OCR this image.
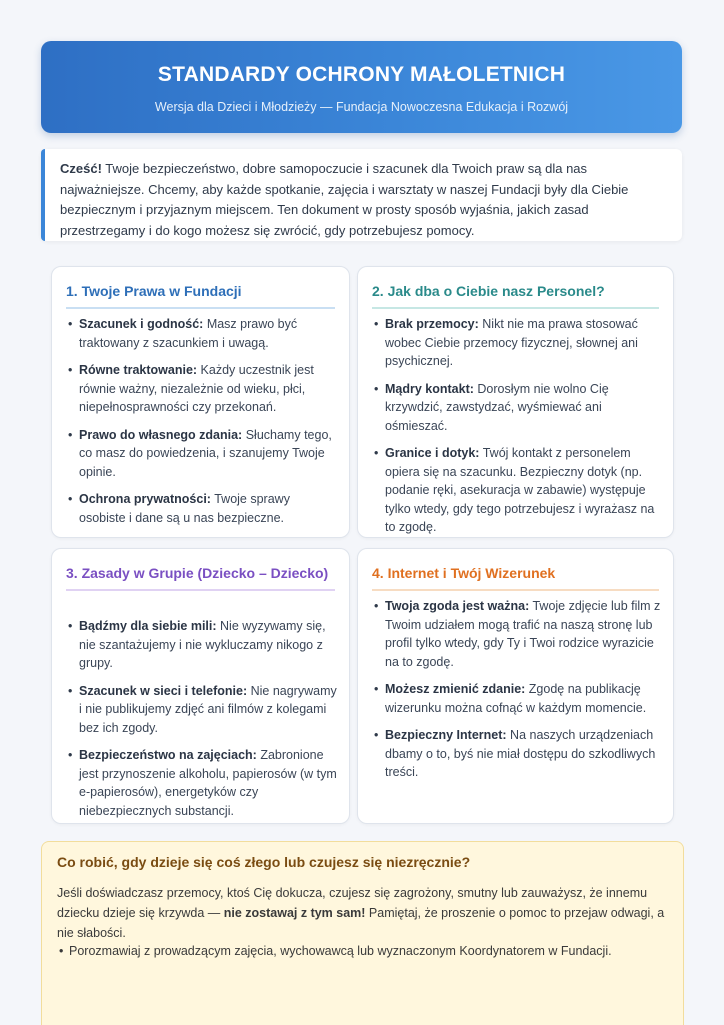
STANDARDY OCHRONY MAŁOLETNICH
Wersja dla Dzieci i Młodzieży — Fundacja Nowoczesna Edukacja i Rozwój

Cześć! Twoje bezpieczeństwo, dobre samopoczucie i szacunek dla Twoich praw są dla nas najważniejsze. Chcemy, aby każde spotkanie, zajęcia i warsztaty w naszej Fundacji były dla Ciebie bezpiecznym i przyjaznym miejscem. Ten dokument w prosty sposób wyjaśnia, jakich zasad przestrzegamy i do kogo możesz się zwrócić, gdy potrzebujesz pomocy.

1. Twoje Prawa w Fundacji
• Szacunek i godność: Masz prawo być traktowany z szacunkiem i uwagą.
• Równe traktowanie: Każdy uczestnik jest równie ważny, niezależnie od wieku, płci, niepełnosprawności czy przekonań.
• Prawo do własnego zdania: Słuchamy tego, co masz do powiedzenia, i szanujemy Twoje opinie.
• Ochrona prywatności: Twoje sprawy osobiste i dane są u nas bezpieczne.
2. Jak dba o Ciebie nasz Personel?
• Brak przemocy: Nikt nie ma prawa stosować wobec Ciebie przemocy fizycznej, słownej ani psychicznej.
• Mądry kontakt: Dorosłym nie wolno Cię krzywdzić, zawstydzać, wyśmiewać ani ośmieszać.
• Granice i dotyk: Twój kontakt z personelem opiera się na szacunku. Bezpieczny dotyk (np. podanie ręki, asekuracja w zabawie) występuje tylko wtedy, gdy tego potrzebujesz i wyrażasz na to zgodę.
3. Zasady w Grupie (Dziecko – Dziecko)
• Bądźmy dla siebie mili: Nie wyzywamy się, nie szantażujemy i nie wykluczamy nikogo z grupy.
• Szacunek w sieci i telefonie: Nie nagrywamy i nie publikujemy zdjęć ani filmów z kolegami bez ich zgody.
• Bezpieczeństwo na zajęciach: Zabronione jest przynoszenie alkoholu, papierosów (w tym e-papierosów), energetyków czy niebezpiecznych substancji.
4. Internet i Twój Wizerunek
• Twoja zgoda jest ważna: Twoje zdjęcie lub film z Twoim udziałem mogą trafić na naszą stronę lub profil tylko wtedy, gdy Ty i Twoi rodzice wyrazicie na to zgodę.
• Możesz zmienić zdanie: Zgodę na publikację wizerunku można cofnąć w każdym momencie.
• Bezpieczny Internet: Na naszych urządzeniach dbamy o to, byś nie miał dostępu do szkodliwych treści.
Co robić, gdy dzieje się coś złego lub czujesz się niezręcznie?

Jeśli doświadczasz przemocy, ktoś Cię dokucza, czujesz się zagrożony, smutny lub zauważysz, że innemu dziecku dzieje się krzywda — nie zostawaj z tym sam! Pamiętaj, że proszenie o pomoc to przejaw odwagi, a nie słabości.

• Porozmawiaj z prowadzącym zajęcia, wychowawcą lub wyznaczonym Koordynatorem w Fundacji.
